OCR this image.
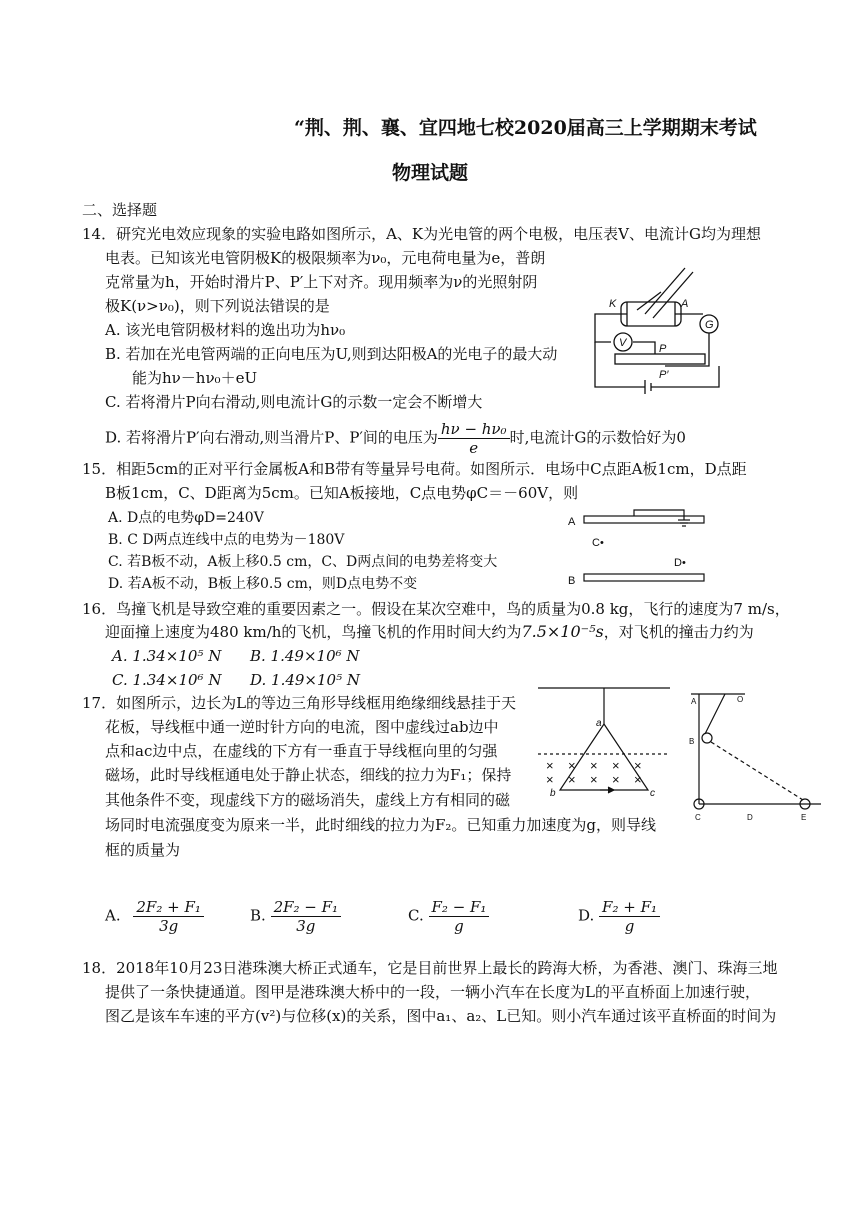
“荆、荆、襄、宜四地七校2020届高三上学期期末考试
物理试题
二、选择题
14．研究光电效应现象的实验电路如图所示，A、K为光电管的两个电极，电压表V、电流计G均为理想
电表。已知该光电管阴极K的极限频率为ν₀，元电荷电量为e，普朗
克常量为h，开始时滑片P、P′上下对齐。现用频率为ν的光照射阴
极K(ν>ν₀)，则下列说法错误的是
A. 该光电管阴极材料的逸出功为hν₀
B. 若加在光电管两端的正向电压为U,则到达阳极A的光电子的最大动
能为hν－hν₀＋eU
C. 若将滑片P向右滑动,则电流计G的示数一定会不断增大
D. 若将滑片P′向右滑动,则当滑片P、P′间的电压为 $\frac{\text{hν − hν₀}}{e}$ 时,电流计G的示数恰好为0
K	A
G
V	P
P′
15．相距5cm的正对平行金属板A和B带有等量异号电荷。如图所示．电场中C点距A板1cm，D点距
B板1cm，C、D距离为5cm。已知A板接地，C点电势φC＝－60V，则
A. D点的电势φD=240V
B. C D两点连线中点的电势为－180V
C. 若B板不动，A板上移0.5 cm，C、D两点间的电势差将变大
D. 若A板不动，B板上移0.5 cm，则D点电势不变
A
C•
D•
B
16．鸟撞飞机是导致空难的重要因素之一。假设在某次空难中，鸟的质量为0.8 kg，飞行的速度为7 m/s，
迎面撞上速度为480 km/h的飞机，鸟撞飞机的作用时间大约为7.5×10⁻⁵s，对飞机的撞击力约为
A. 1.34×10⁵ N B. 1.49×10⁶ N
C. 1.34×10⁶ N D. 1.49×10⁵ N
17．如图所示，边长为L的等边三角形导线框用绝缘细线悬挂于天
花板，导线框中通一逆时针方向的电流，图中虚线过ab边中
点和ac边中点，在虚线的下方有一垂直于导线框向里的匀强
磁场，此时导线框通电处于静止状态，细线的拉力为F₁；保持
其他条件不变，现虚线下方的磁场消失，虚线上方有相同的磁
场同时电流强度变为原来一半，此时细线的拉力为F₂。已知重力加速度为g，则导线
框的质量为
A. $\frac{\text{2F₂ + F₁}}{3g}$	B. $\frac{\text{2F₂ − F₁}}{3g}$	C. $\frac{\text{F₂ − F₁}}{g}$	D. $\frac{\text{F₂ + F₁}}{g}$
× × × × ×
× × × × ×
a
b	c
A	O
B
C	D	E
18．2018年10月23日港珠澳大桥正式通车，它是目前世界上最长的跨海大桥，为香港、澳门、珠海三地
提供了一条快捷通道。图甲是港珠澳大桥中的一段，一辆小汽车在长度为L的平直桥面上加速行驶，
图乙是该车车速的平方(v²)与位移(x)的关系，图中a₁、a₂、L已知。则小汽车通过该平直桥面的时间为
